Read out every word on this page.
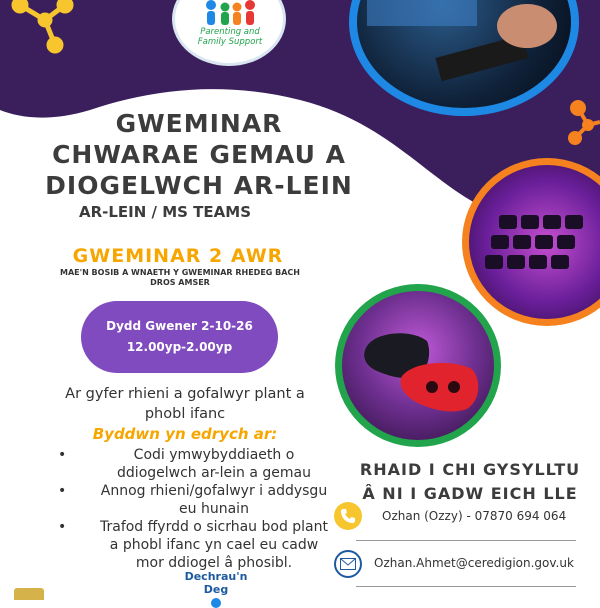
Parenting and Family Support
GWEMINAR
CHWARAE GEMAU A
DIOGELWCH AR-LEIN
AR-LEIN / MS TEAMS
GWEMINAR 2 AWR
MAE'N BOSIB A WNAETH Y GWEMINAR RHEDEG BACH
DROS AMSER
Dydd Gwener 2-10-26
12.00yp-2.00yp
Ar gyfer rhieni a gofalwyr plant a
phobl ifanc
Byddwn yn edrych ar:
• Codi ymwybyddiaeth o
ddiogelwch ar-lein a gemau
• Annog rhieni/gofalwyr i addysgu
eu hunain
• Trafod ffyrdd o sicrhau bod plant
a phobl ifanc yn cael eu cadw
mor ddiogel â phosibl.
RHAID I CHI GYSYLLTU
Â NI I GADW EICH LLE
Ozhan (Ozzy) - 07870 694 064
Ozhan.Ahmet@ceredigion.gov.uk
Dechrau'n Deg
